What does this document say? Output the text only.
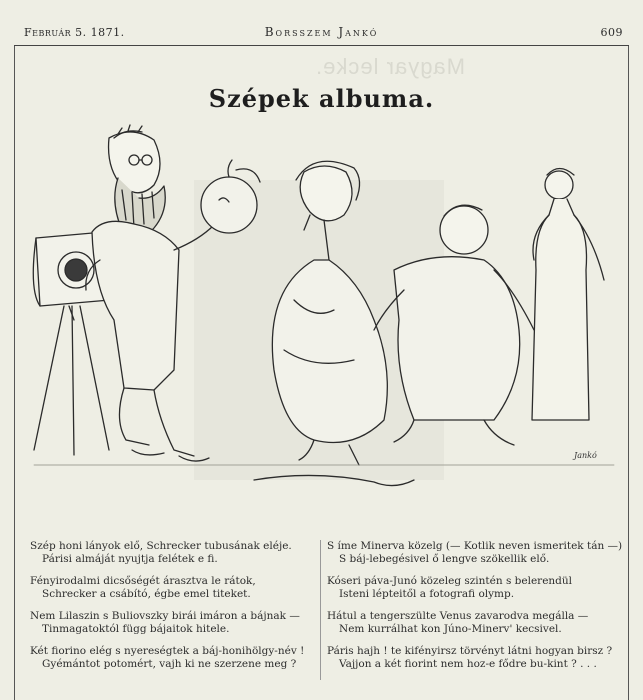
Február 5. 1871.	Borsszem Jankó	609
Magyar lecke.
Szépek albuma.
Jankó
Szép honi lányok elő, Schrecker tubusának eléje.
Párisi almáját nyujtja felétek e fi.
Fényirodalmi dicsőségét árasztva le rátok,
Schrecker a csábító, égbe emel titeket.
Nem Lilaszin s Buliovszky birái imáron a bájnak —
Tinmagatoktól függ bájaitok hitele.
Két fiorino elég s nyereségtek a báj-honihölgy-név !
Gyémántot potomért, vajh ki ne szerzene meg ?
S íme Minerva közelg (— Kotlik neven ismeritek tán —)
S báj-lebegésivel ő lengve szökellik elő.
Kóseri páva-Junó közeleg szintén s belerendül
Isteni lépteitől a fotografi olymp.
Hátul a tengerszülte Venus zavarodva megálla —
Nem kurrálhat kon Júno-Minerv' kecsivel.
Páris hajh ! te kifényirsz törvényt látni hogyan birsz ?
Vajjon a két fiorint nem hoz-e fődre bu-kint ? . . .
